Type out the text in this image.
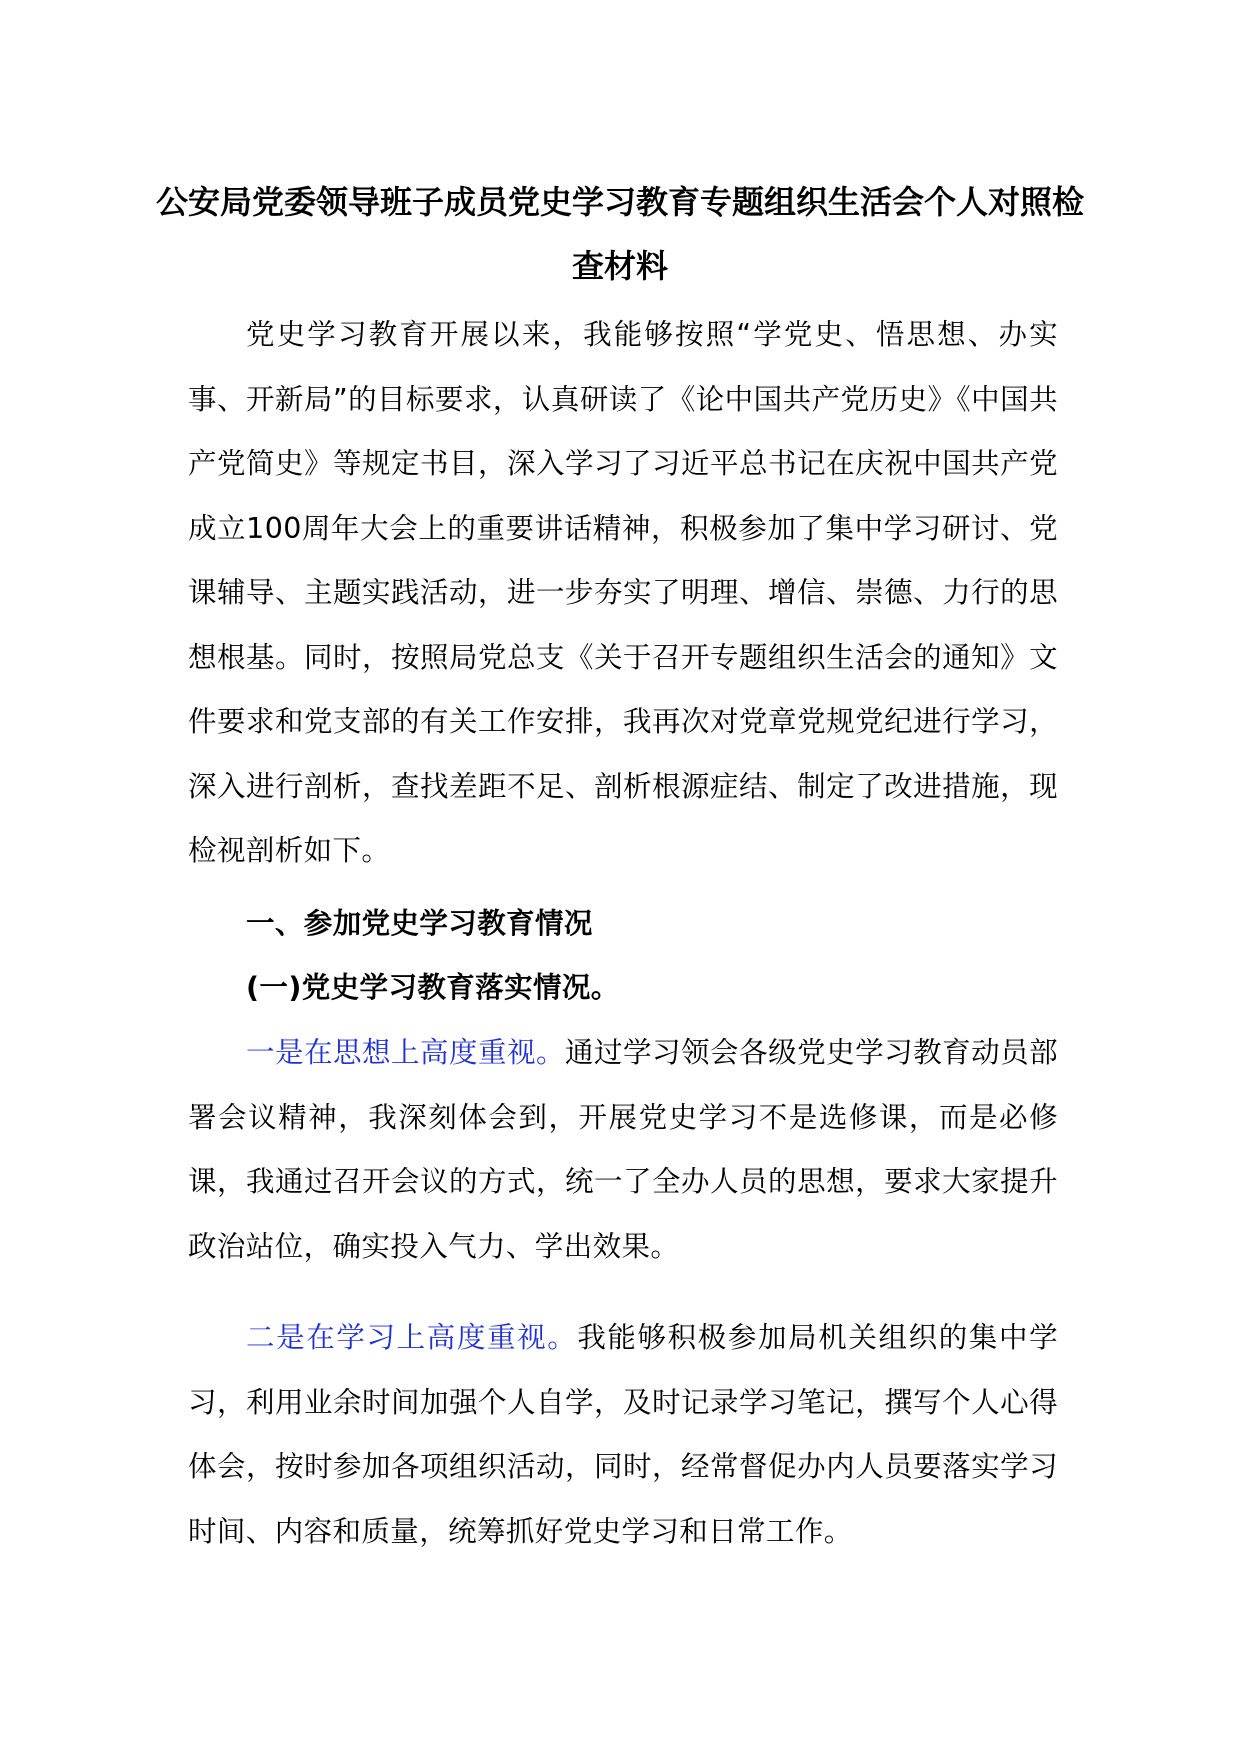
公安局党委领导班子成员党史学习教育专题组织生活会个人对照检查材料

党史学习教育开展以来，我能够按照“学党史、悟思想、办实事、开新局”的目标要求，认真研读了《论中国共产党历史》《中国共产党简史》等规定书目，深入学习了习近平总书记在庆祝中国共产党成立100周年大会上的重要讲话精神，积极参加了集中学习研讨、党课辅导、主题实践活动，进一步夯实了明理、增信、崇德、力行的思想根基。同时，按照局党总支《关于召开专题组织生活会的通知》文件要求和党支部的有关工作安排，我再次对党章党规党纪进行学习，深入进行剖析，查找差距不足、剖析根源症结、制定了改进措施，现检视剖析如下。

一、参加党史学习教育情况

(一)党史学习教育落实情况。

一是在思想上高度重视。通过学习领会各级党史学习教育动员部署会议精神，我深刻体会到，开展党史学习不是选修课，而是必修课，我通过召开会议的方式，统一了全办人员的思想，要求大家提升政治站位，确实投入气力、学出效果。

二是在学习上高度重视。我能够积极参加局机关组织的集中学习，利用业余时间加强个人自学，及时记录学习笔记，撰写个人心得体会，按时参加各项组织活动，同时，经常督促办内人员要落实学习时间、内容和质量，统筹抓好党史学习和日常工作。
